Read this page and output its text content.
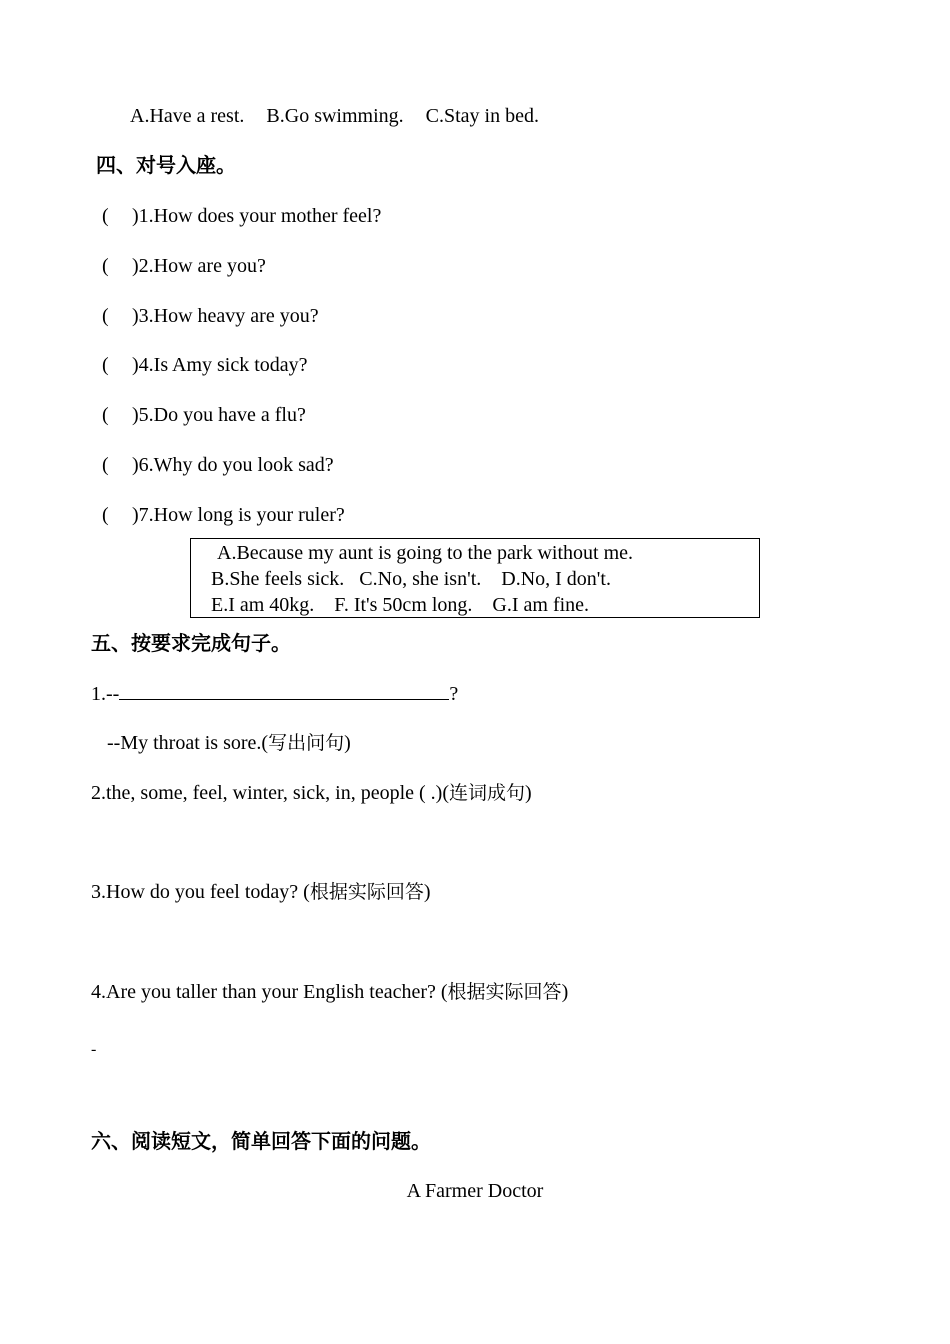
A.Have a rest. B.Go swimming. C.Stay in bed.
四、对号入座。
( )1.How does your mother feel?
( )2.How are you?
( )3.How heavy are you?
( )4.Is Amy sick today?
( )5.Do you have a flu?
( )6.Why do you look sad?
( )7.How long is your ruler?
A.Because my aunt is going to the park without me.
B.She feels sick.   C.No, she isn't.    D.No, I don't.
E.I am 40kg.    F. It's 50cm long.    G.I am fine.
五、按要求完成句子。
1.--	?
--My throat is sore.(写出问句)
2.the, some, feel, winter, sick, in, people ( .)(连词成句)
3.How do you feel today? (根据实际回答)
4.Are you taller than your English teacher? (根据实际回答)
-
六、阅读短文，简单回答下面的问题。
A Farmer Doctor
